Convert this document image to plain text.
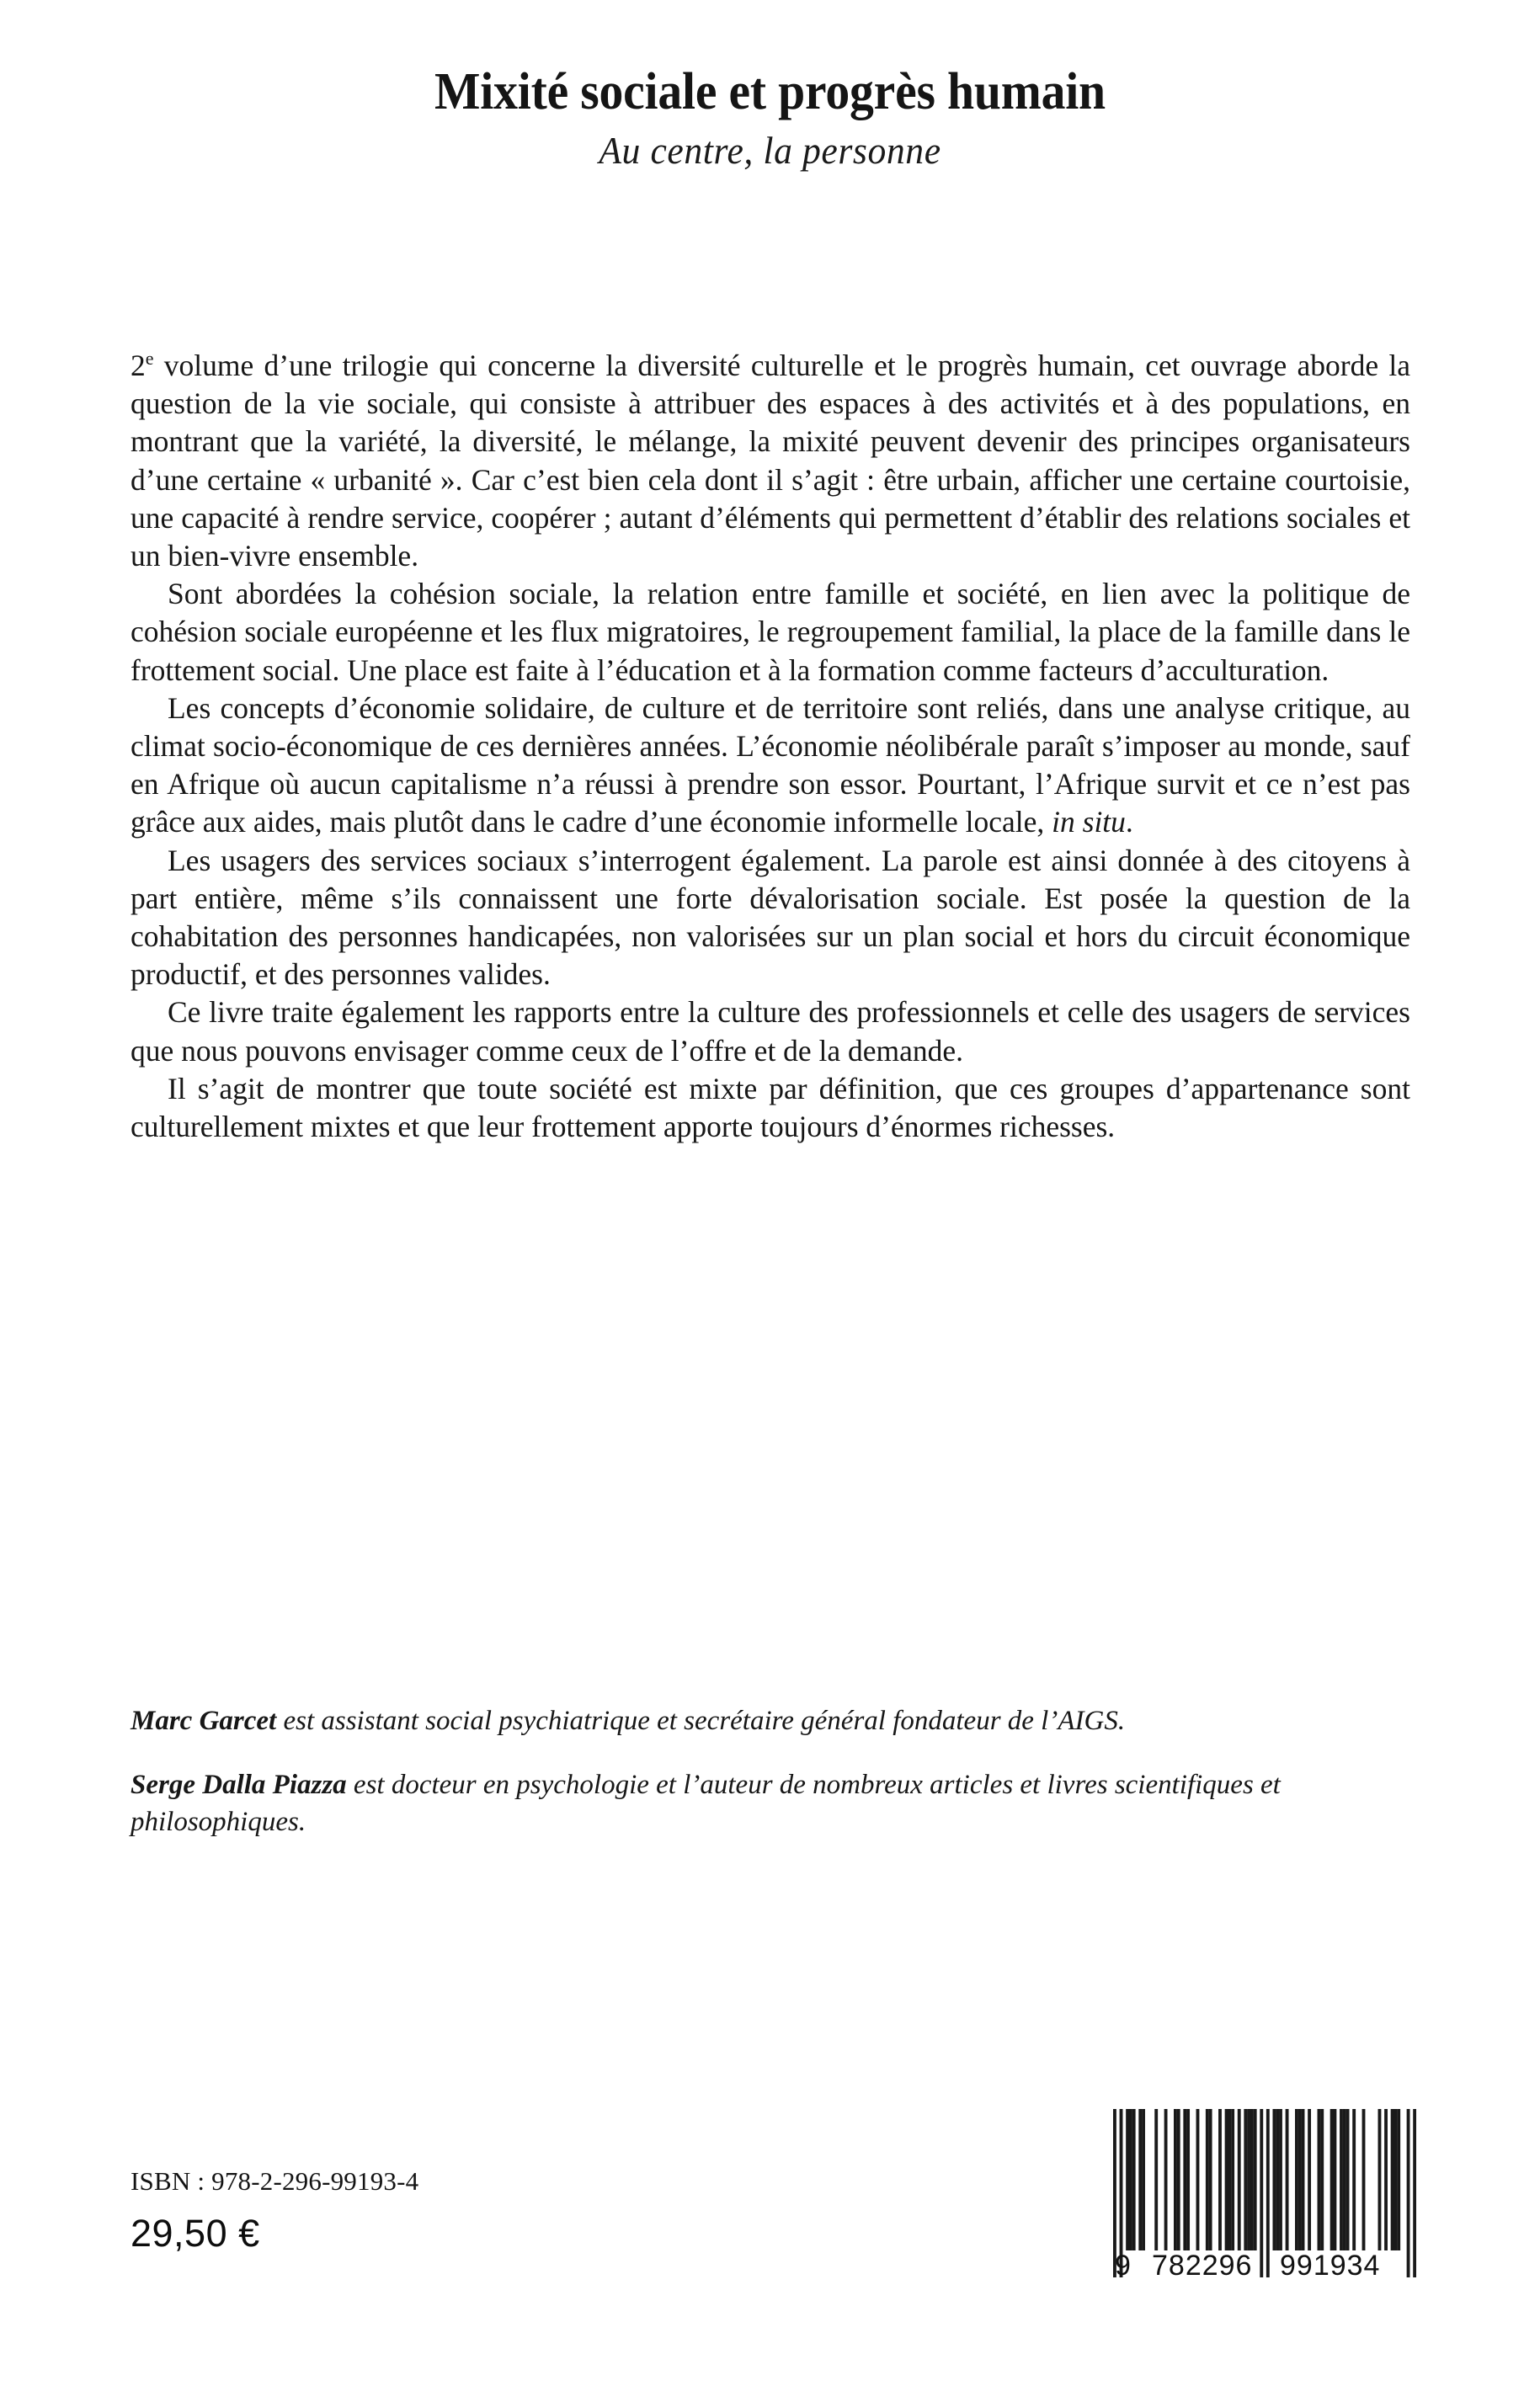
Mixité sociale et progrès humain
Au centre, la personne

2e volume d’une trilogie qui concerne la diversité culturelle et le progrès humain, cet ouvrage aborde la question de la vie sociale, qui consiste à attribuer des espaces à des activités et à des populations, en montrant que la variété, la diversité, le mélange, la mixité peuvent devenir des principes organisateurs d’une certaine « urbanité ». Car c’est bien cela dont il s’agit : être urbain, afficher une certaine courtoisie, une capacité à rendre service, coopérer ; autant d’éléments qui permettent d’établir des relations sociales et un bien-vivre ensemble.

Sont abordées la cohésion sociale, la relation entre famille et société, en lien avec la politique de cohésion sociale européenne et les flux migratoires, le regroupement familial, la place de la famille dans le frottement social. Une place est faite à l’éducation et à la formation comme facteurs d’acculturation.

Les concepts d’économie solidaire, de culture et de territoire sont reliés, dans une analyse critique, au climat socio-économique de ces dernières années. L’économie néolibérale paraît s’imposer au monde, sauf en Afrique où aucun capitalisme n’a réussi à prendre son essor. Pourtant, l’Afrique survit et ce n’est pas grâce aux aides, mais plutôt dans le cadre d’une économie informelle locale, in situ.

Les usagers des services sociaux s’interrogent également. La parole est ainsi donnée à des citoyens à part entière, même s’ils connaissent une forte dévalorisation sociale. Est posée la question de la cohabitation des personnes handicapées, non valorisées sur un plan social et hors du circuit économique productif, et des personnes valides.

Ce livre traite également les rapports entre la culture des professionnels et celle des usagers de services que nous pouvons envisager comme ceux de l’offre et de la demande.

Il s’agit de montrer que toute société est mixte par définition, que ces groupes d’appartenance sont culturellement mixtes et que leur frottement apporte toujours d’énormes richesses.

Marc Garcet est assistant social psychiatrique et secrétaire général fondateur de l’AIGS.

Serge Dalla Piazza est docteur en psychologie et l’auteur de nombreux articles et livres scientifiques et philosophiques.

ISBN : 978-2-296-99193-4
29,50 €
9 782296 991934
